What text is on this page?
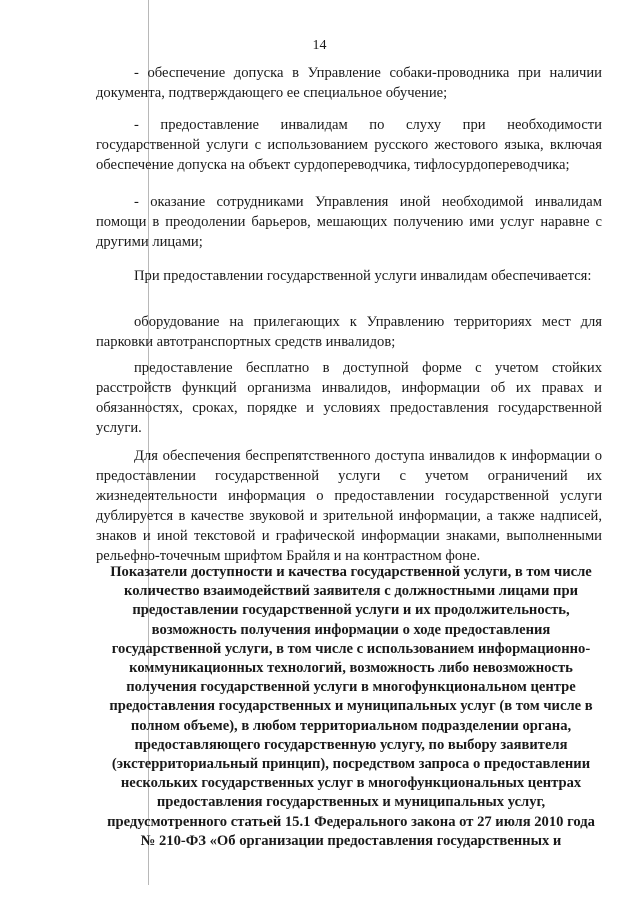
14

- обеспечение допуска в Управление собаки-проводника при наличии документа, подтверждающего ее специальное обучение;

- предоставление инвалидам по слуху при необходимости государственной услуги с использованием русского жестового языка, включая обеспечение допуска на объект сурдопереводчика, тифлосурдопереводчика;

- оказание сотрудниками Управления иной необходимой инвалидам помощи в преодолении барьеров, мешающих получению ими услуг наравне с другими лицами;

При предоставлении государственной услуги инвалидам обеспечивается:

оборудование на прилегающих к Управлению территориях мест для парковки автотранспортных средств инвалидов;

предоставление бесплатно в доступной форме с учетом стойких расстройств функций организма инвалидов, информации об их правах и обязанностях, сроках, порядке и условиях предоставления государственной услуги.

Для обеспечения беспрепятственного доступа инвалидов к информации о предоставлении государственной услуги с учетом ограничений их жизнедеятельности информация о предоставлении государственной услуги дублируется в качестве звуковой и зрительной информации, а также надписей, знаков и иной текстовой и графической информации знаками, выполненными рельефно-точечным шрифтом Брайля и на контрастном фоне.

Показатели доступности и качества государственной услуги, в том числе количество взаимодействий заявителя с должностными лицами при предоставлении государственной услуги и их продолжительность, возможность получения информации о ходе предоставления государственной услуги, в том числе с использованием информационно-коммуникационных технологий, возможность либо невозможность получения государственной услуги в многофункциональном центре предоставления государственных и муниципальных услуг (в том числе в полном объеме), в любом территориальном подразделении органа, предоставляющего государственную услугу, по выбору заявителя (экстерриториальный принцип), посредством запроса о предоставлении нескольких государственных услуг в многофункциональных центрах предоставления государственных и муниципальных услуг, предусмотренного статьей 15.1 Федерального закона от 27 июля 2010 года № 210-ФЗ «Об организации предоставления государственных и
